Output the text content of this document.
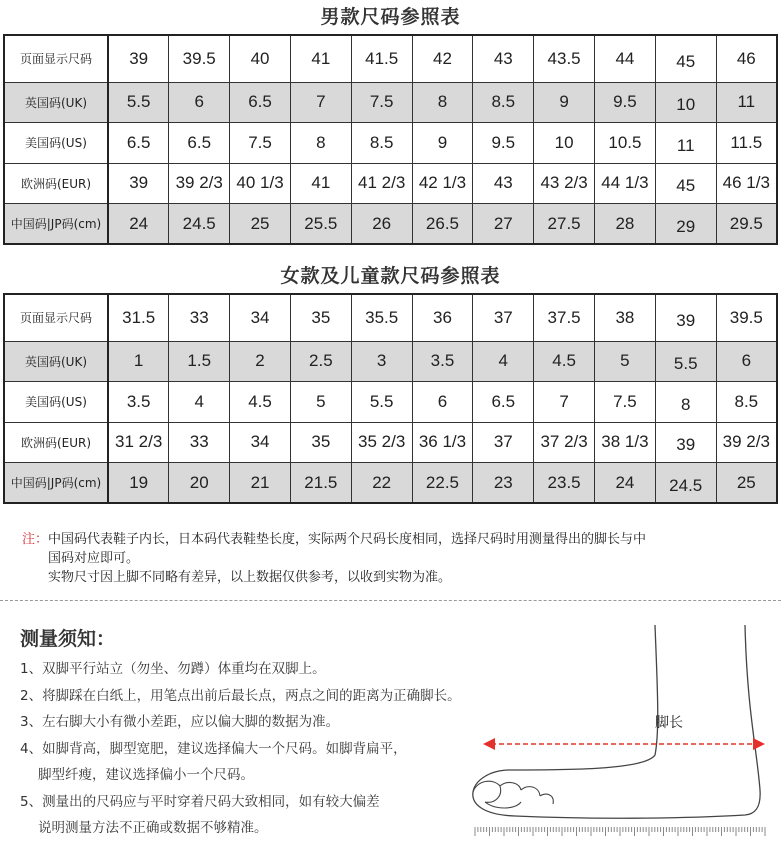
男款尺码参照表
页面显示尺码	39	39.5	40	41	41.5	42	43	43.5	44	45	46
英国码(UK)	5.5	6	6.5	7	7.5	8	8.5	9	9.5	10	11
美国码(US)	6.5	6.5	7.5	8	8.5	9	9.5	10	10.5	11	11.5
欧洲码(EUR)	39	39 2/3	40 1/3	41	41 2/3	42 1/3	43	43 2/3	44 1/3	45	46 1/3
中国码|JP码(cm)	24	24.5	25	25.5	26	26.5	27	27.5	28	29	29.5
女款及儿童款尺码参照表
页面显示尺码	31.5	33	34	35	35.5	36	37	37.5	38	39	39.5
英国码(UK)	1	1.5	2	2.5	3	3.5	4	4.5	5	5.5	6
美国码(US)	3.5	4	4.5	5	5.5	6	6.5	7	7.5	8	8.5
欧洲码(EUR)	31 2/3	33	34	35	35 2/3	36 1/3	37	37 2/3	38 1/3	39	39 2/3
中国码|JP码(cm)	19	20	21	21.5	22	22.5	23	23.5	24	24.5	25
注：中国码代表鞋子内长，日本码代表鞋垫长度，实际两个尺码长度相同，选择尺码时用测量得出的脚长与中
国码对应即可。
实物尺寸因上脚不同略有差异，以上数据仅供参考，以收到实物为准。
测量须知：
1、双脚平行站立（勿坐、勿蹲）体重均在双脚上。
2、将脚踩在白纸上，用笔点出前后最长点，两点之间的距离为正确脚长。
3、左右脚大小有微小差距，应以偏大脚的数据为准。
4、如脚背高，脚型宽肥，建议选择偏大一个尺码。如脚背扁平，
脚型纤瘦，建议选择偏小一个尺码。
5、测量出的尺码应与平时穿着尺码大致相同，如有较大偏差
说明测量方法不正确或数据不够精准。
脚长
